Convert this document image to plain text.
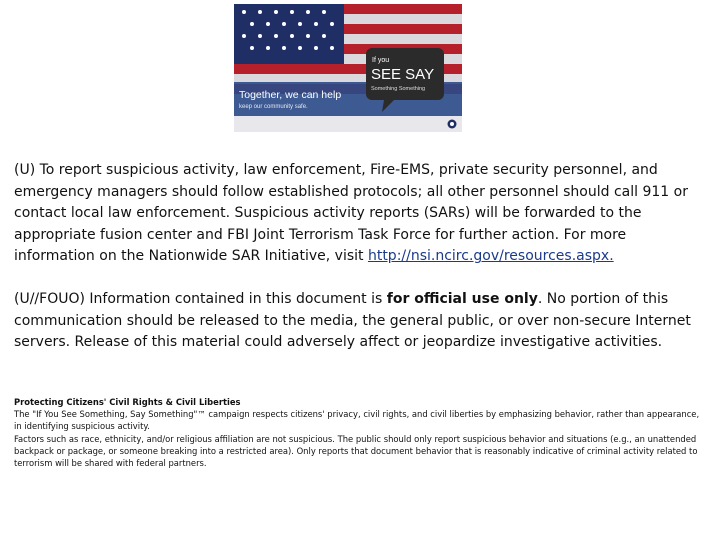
If you
SEE SAY
Something Something
Together, we can help
keep our community safe.

(U) To report suspicious activity, law enforcement, Fire-EMS, private security personnel, and emergency managers should follow established protocols; all other personnel should call 911 or contact local law enforcement. Suspicious activity reports (SARs) will be forwarded to the appropriate fusion center and FBI Joint Terrorism Task Force for further action. For more information on the Nationwide SAR Initiative, visit http://nsi.ncirc.gov/resources.aspx.

(U//FOUO) Information contained in this document is for official use only. No portion of this communication should be released to the media, the general public, or over non-secure Internet servers. Release of this material could adversely affect or jeopardize investigative activities.

Protecting Citizens' Civil Rights & Civil Liberties
The "If You See Something, Say Something"™ campaign respects citizens' privacy, civil rights, and civil liberties by emphasizing behavior, rather than appearance, in identifying suspicious activity.
Factors such as race, ethnicity, and/or religious affiliation are not suspicious. The public should only report suspicious behavior and situations (e.g., an unattended backpack or package, or someone breaking into a restricted area). Only reports that document behavior that is reasonably indicative of criminal activity related to terrorism will be shared with federal partners.
